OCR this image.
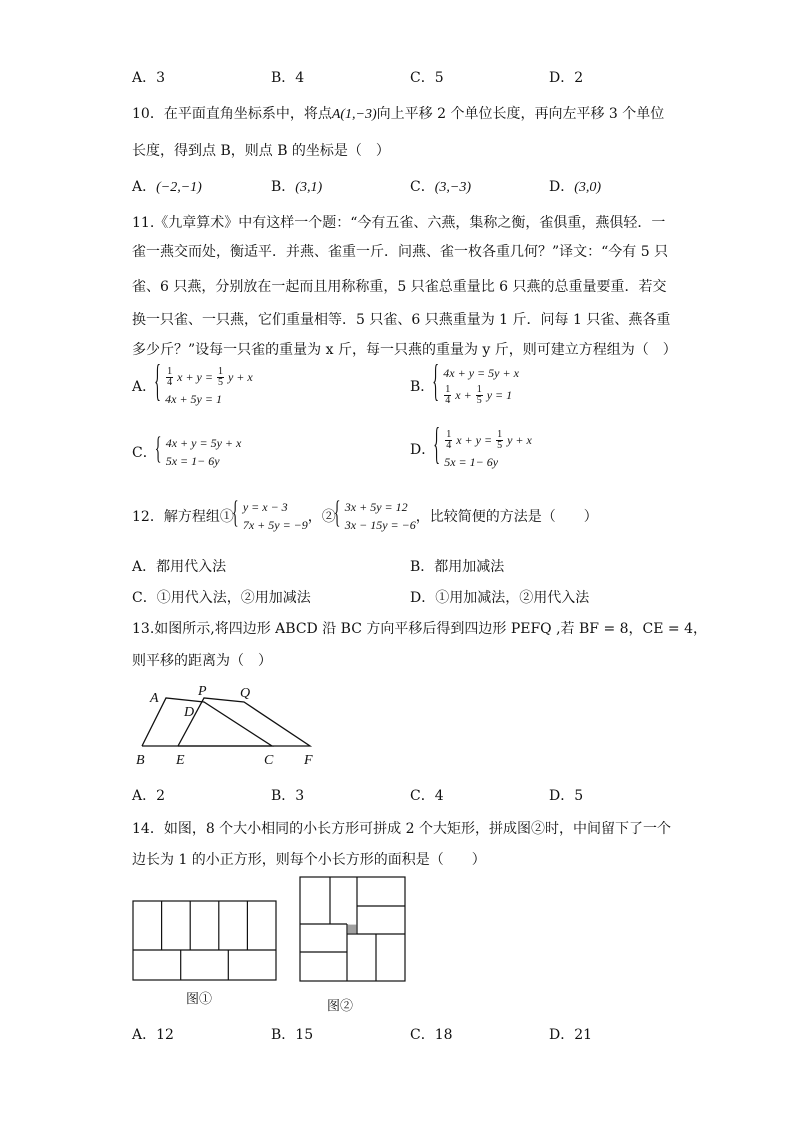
A．3	B．4	C．5	D．2
10．在平面直角坐标系中，将点A(1,−3)向上平移 2 个单位长度，再向左平移 3 个单位
长度，得到点 B，则点 B 的坐标是（　）
A．(−2,−1)	B．(3,1)	C．(3,−3)	D．(3,0)
11.《九章算术》中有这样一个题：“今有五雀、六燕，集称之衡，雀俱重，燕俱轻．一
雀一燕交而处，衡适平．并燕、雀重一斤．问燕、雀一枚各重几何？”译文：“今有 5 只
雀、6 只燕，分别放在一起而且用称称重，5 只雀总重量比 6 只燕的总重量要重．若交
换一只雀、一只燕，它们重量相等．5 只雀、6 只燕重量为 1 斤．问每 1 只雀、燕各重
多少斤？”设每一只雀的重量为 x 斤，每一只燕的重量为 y 斤，则可建立方程组为（　）
A． { $\frac{1}{4}$
x + y =
$\frac{1}{5}$
y + x
4x + 5y = 1
B．
{ 4x + y = 5y + x
$\frac{1}{4}$
x +
$\frac{1}{5}$
y = 1
C．
{ 4x + y = 5y + x
5x = 1− 6y
D． { $\frac{1}{4}$
x + y =
$\frac{1}{5}$
y + x
5x = 1− 6y
12．解方程组①
{ y = x − 3
7x + 5y = −9 ，②
{ 3x + 5y = 12
3x − 15y = −6 ，比较简便的方法是（　　）
A．都用代入法	B．都用加减法
C．①用代入法，②用加减法	D．①用加减法，②用代入法
13.如图所示,将四边形 ABCD 沿 BC 方向平移后得到四边形 PEFQ ,若 BF = 8，CE = 4，
则平移的距离为（　）
A	P Q
D
B E	C F
A．2	B．3	C．4	D．5
14．如图，8 个大小相同的小长方形可拼成 2 个大矩形，拼成图②时，中间留下了一个
边长为 1 的小正方形，则每个小长方形的面积是（　　）
图①	图②
A．12	B．15	C．18	D．21
